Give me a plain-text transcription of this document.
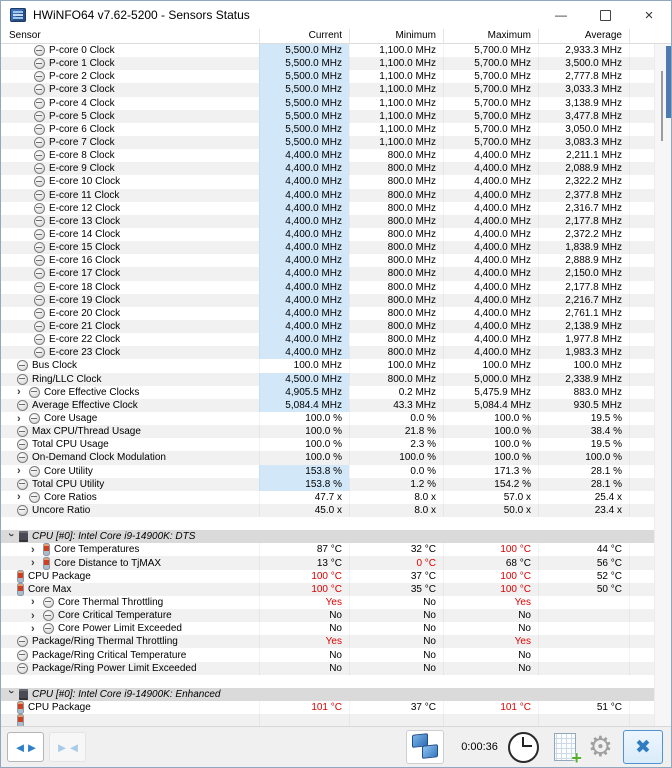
HWiNFO64 v7.62-5200 - Sensors Status	—	×
Sensor	Current	Minimum	Maximum	Average
P-core 0 Clock	5,500.0 MHz	1,100.0 MHz	5,700.0 MHz	2,933.3 MHz
P-core 1 Clock	5,500.0 MHz	1,100.0 MHz	5,700.0 MHz	3,500.0 MHz
P-core 2 Clock	5,500.0 MHz	1,100.0 MHz	5,700.0 MHz	2,777.8 MHz
P-core 3 Clock	5,500.0 MHz	1,100.0 MHz	5,700.0 MHz	3,033.3 MHz
P-core 4 Clock	5,500.0 MHz	1,100.0 MHz	5,700.0 MHz	3,138.9 MHz
P-core 5 Clock	5,500.0 MHz	1,100.0 MHz	5,700.0 MHz	3,477.8 MHz
P-core 6 Clock	5,500.0 MHz	1,100.0 MHz	5,700.0 MHz	3,050.0 MHz
P-core 7 Clock	5,500.0 MHz	1,100.0 MHz	5,700.0 MHz	3,083.3 MHz
E-core 8 Clock	4,400.0 MHz	800.0 MHz	4,400.0 MHz	2,211.1 MHz
E-core 9 Clock	4,400.0 MHz	800.0 MHz	4,400.0 MHz	2,088.9 MHz
E-core 10 Clock	4,400.0 MHz	800.0 MHz	4,400.0 MHz	2,322.2 MHz
E-core 11 Clock	4,400.0 MHz	800.0 MHz	4,400.0 MHz	2,377.8 MHz
E-core 12 Clock	4,400.0 MHz	800.0 MHz	4,400.0 MHz	2,316.7 MHz
E-core 13 Clock	4,400.0 MHz	800.0 MHz	4,400.0 MHz	2,177.8 MHz
E-core 14 Clock	4,400.0 MHz	800.0 MHz	4,400.0 MHz	2,372.2 MHz
E-core 15 Clock	4,400.0 MHz	800.0 MHz	4,400.0 MHz	1,838.9 MHz
E-core 16 Clock	4,400.0 MHz	800.0 MHz	4,400.0 MHz	2,888.9 MHz
E-core 17 Clock	4,400.0 MHz	800.0 MHz	4,400.0 MHz	2,150.0 MHz
E-core 18 Clock	4,400.0 MHz	800.0 MHz	4,400.0 MHz	2,177.8 MHz
E-core 19 Clock	4,400.0 MHz	800.0 MHz	4,400.0 MHz	2,216.7 MHz
E-core 20 Clock	4,400.0 MHz	800.0 MHz	4,400.0 MHz	2,761.1 MHz
E-core 21 Clock	4,400.0 MHz	800.0 MHz	4,400.0 MHz	2,138.9 MHz
E-core 22 Clock	4,400.0 MHz	800.0 MHz	4,400.0 MHz	1,977.8 MHz
E-core 23 Clock	4,400.0 MHz	800.0 MHz	4,400.0 MHz	1,983.3 MHz
Bus Clock	100.0 MHz	100.0 MHz	100.0 MHz	100.0 MHz
Ring/LLC Clock	4,500.0 MHz	800.0 MHz	5,000.0 MHz	2,338.9 MHz
›	Core Effective Clocks	4,905.5 MHz	0.2 MHz	5,475.9 MHz	883.0 MHz
Average Effective Clock	5,084.4 MHz	43.3 MHz	5,084.4 MHz	930.5 MHz
›	Core Usage	100.0 %	0.0 %	100.0 %	19.5 %
Max CPU/Thread Usage	100.0 %	21.8 %	100.0 %	38.4 %
Total CPU Usage	100.0 %	2.3 %	100.0 %	19.5 %
On-Demand Clock Modulation	100.0 %	100.0 %	100.0 %	100.0 %
›	Core Utility	153.8 %	0.0 %	171.3 %	28.1 %
Total CPU Utility	153.8 %	1.2 %	154.2 %	28.1 %
›	Core Ratios	47.7 x	8.0 x	57.0 x	25.4 x
Uncore Ratio	45.0 x	8.0 x	50.0 x	23.4 x
› CPU [#0]: Intel Core i9-14900K: DTS
›	Core Temperatures	87 °C	32 °C	100 °C	44 °C
›	Core Distance to TjMAX	13 °C	0 °C	68 °C	56 °C
CPU Package	100 °C	37 °C	100 °C	52 °C
Core Max	100 °C	35 °C	100 °C	50 °C
›	Core Thermal Throttling	Yes	No	Yes
›	Core Critical Temperature	No	No	No
›	Core Power Limit Exceeded	No	No	No
Package/Ring Thermal Throttling	Yes	No	Yes
Package/Ring Critical Temperature	No	No	No
Package/Ring Power Limit Exceeded	No	No	No
› CPU [#0]: Intel Core i9-14900K: Enhanced
CPU Package	101 °C	37 °C	101 °C	51 °C
◄► ►◄	0:00:36 +	⚙	✖
